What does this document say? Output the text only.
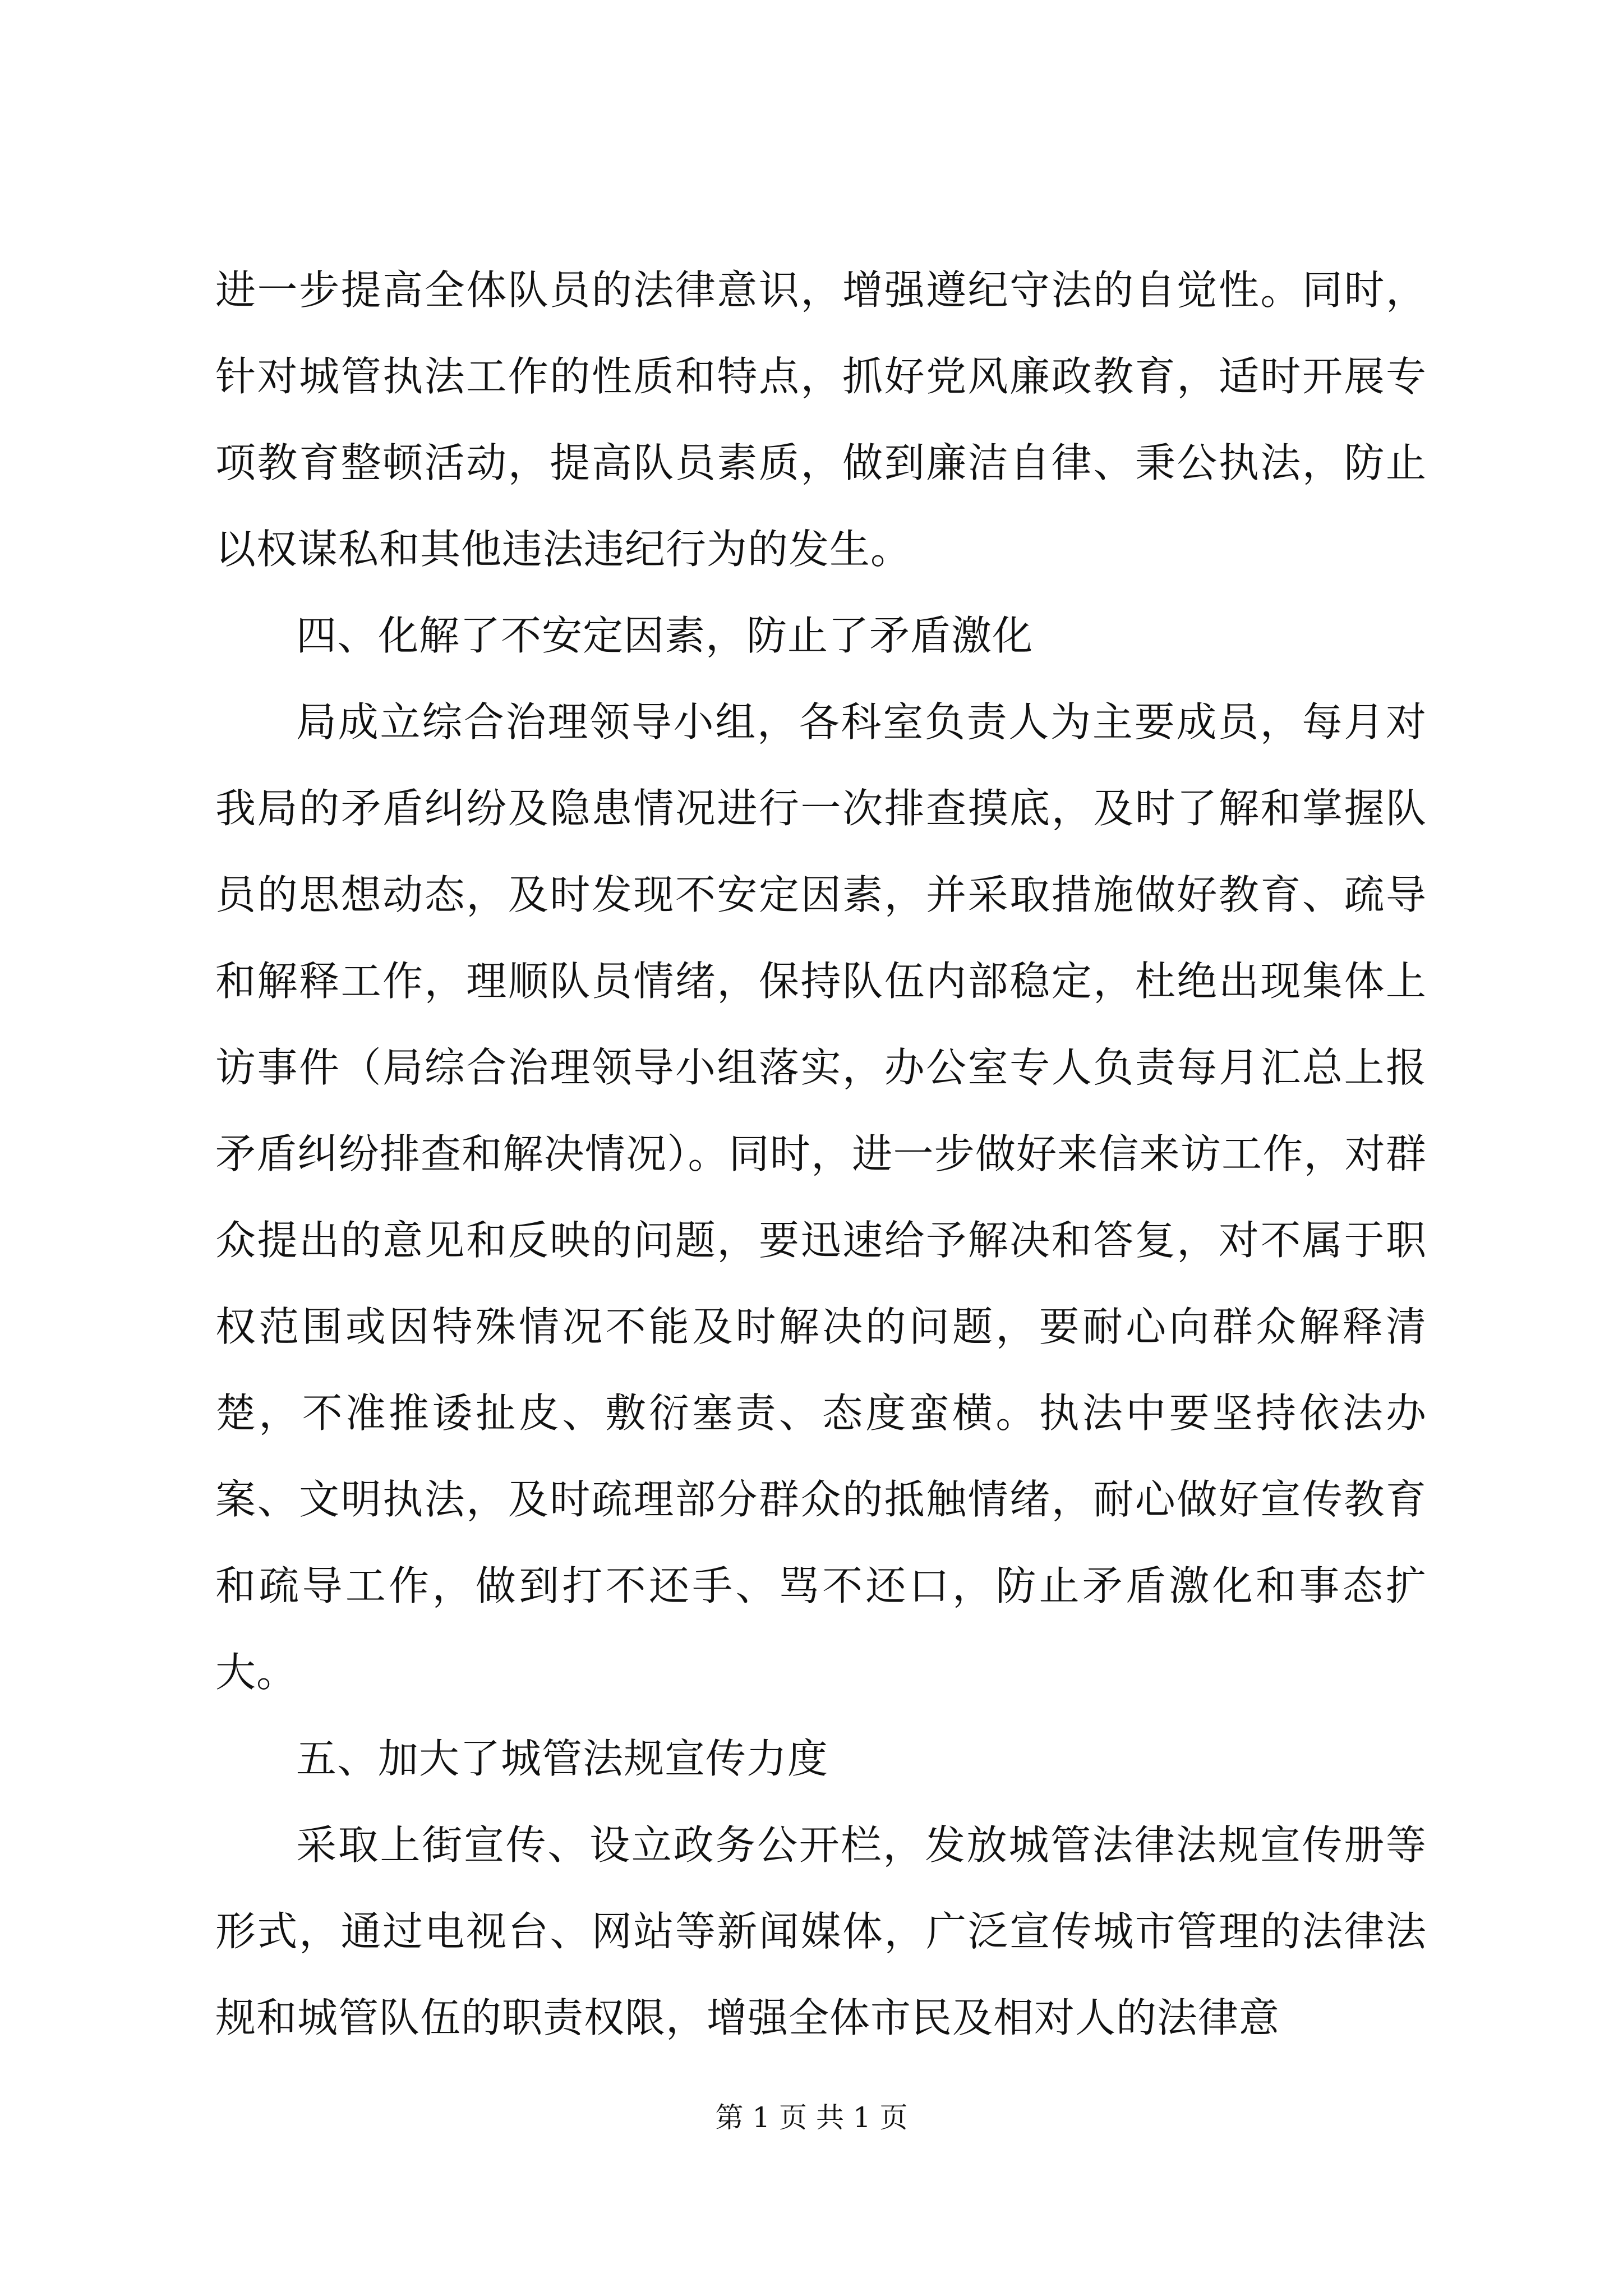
进一步提高全体队员的法律意识，增强遵纪守法的自觉性。同时，针对城管执法工作的性质和特点，抓好党风廉政教育，适时开展专项教育整顿活动，提高队员素质，做到廉洁自律、秉公执法，防止以权谋私和其他违法违纪行为的发生。

四、化解了不安定因素，防止了矛盾激化

局成立综合治理领导小组，各科室负责人为主要成员，每月对我局的矛盾纠纷及隐患情况进行一次排查摸底，及时了解和掌握队员的思想动态，及时发现不安定因素，并采取措施做好教育、疏导和解释工作，理顺队员情绪，保持队伍内部稳定，杜绝出现集体上访事件（局综合治理领导小组落实，办公室专人负责每月汇总上报矛盾纠纷排查和解决情况）。同时，进一步做好来信来访工作，对群众提出的意见和反映的问题，要迅速给予解决和答复，对不属于职权范围或因特殊情况不能及时解决的问题，要耐心向群众解释清楚，不准推诿扯皮、敷衍塞责、态度蛮横。执法中要坚持依法办案、文明执法，及时疏理部分群众的抵触情绪，耐心做好宣传教育和疏导工作，做到打不还手、骂不还口，防止矛盾激化和事态扩大。

五、加大了城管法规宣传力度

采取上街宣传、设立政务公开栏，发放城管法律法规宣传册等形式，通过电视台、网站等新闻媒体，广泛宣传城市管理的法律法规和城管队伍的职责权限，增强全体市民及相对人的法律意

第 1 页 共 1 页
